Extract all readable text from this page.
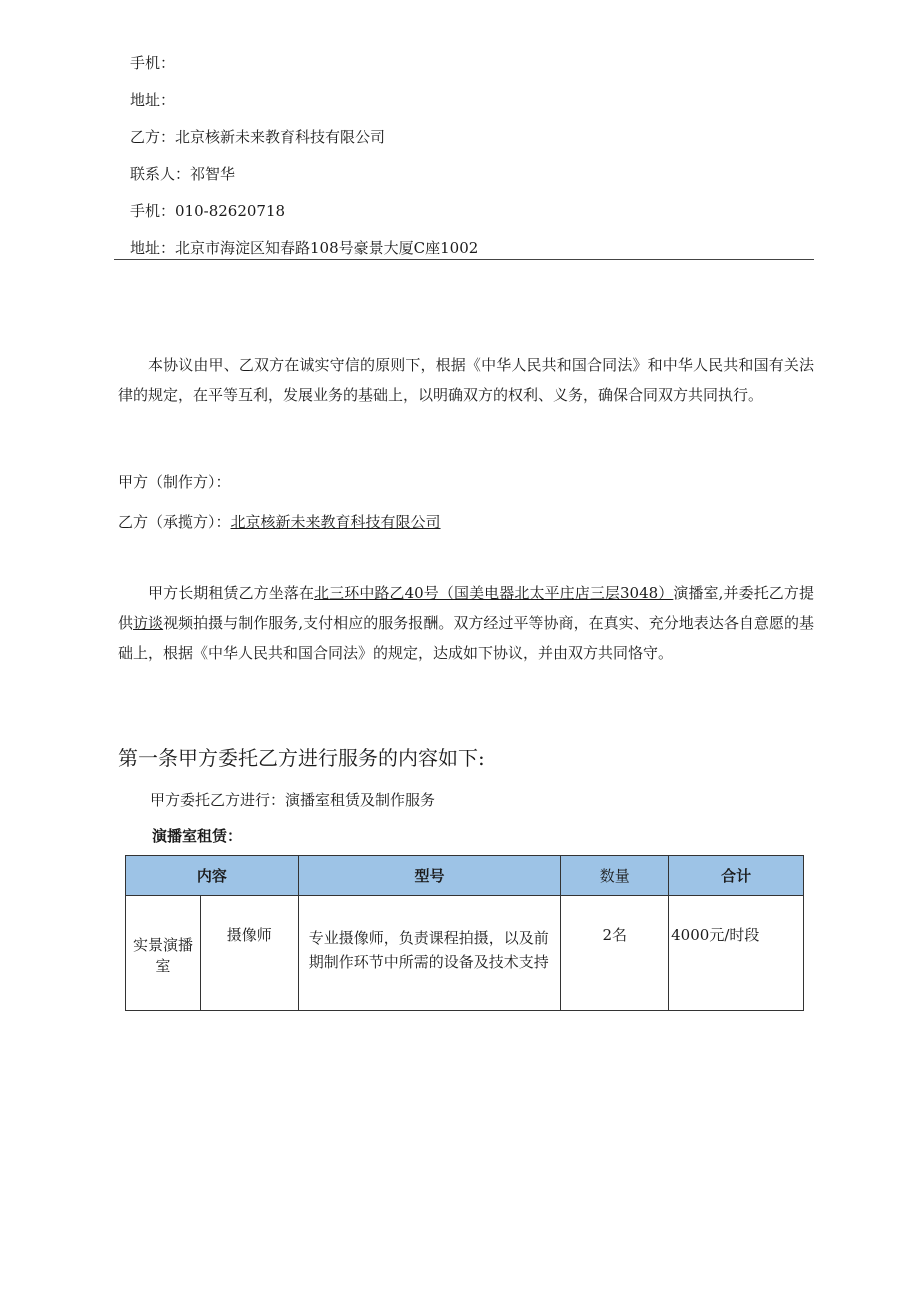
手机：
地址：
乙方：北京核新未来教育科技有限公司
联系人：祁智华
手机：010-82620718
地址：北京市海淀区知春路108号豪景大厦C座1002
本协议由甲、乙双方在诚实守信的原则下，根据《中华人民共和国合同法》和中华人民共和国有关法律的规定，在平等互利，发展业务的基础上，以明确双方的权利、义务，确保合同双方共同执行。
甲方（制作方）：
乙方（承揽方）：北京核新未来教育科技有限公司
甲方长期租赁乙方坐落在北三环中路乙40号（国美电器北太平庄店三层3048）演播室,并委托乙方提供访谈视频拍摄与制作服务,支付相应的服务报酬。双方经过平等协商，在真实、充分地表达各自意愿的基础上，根据《中华人民共和国合同法》的规定，达成如下协议，并由双方共同恪守。
第一条甲方委托乙方进行服务的内容如下:
甲方委托乙方进行：演播室租赁及制作服务
演播室租赁：
内容		型号	数量	合计
实景演播室	摄像师	专业摄像师，负责课程拍摄，以及前期制作环节中所需的设备及技术支持	2名	4000元/时段
